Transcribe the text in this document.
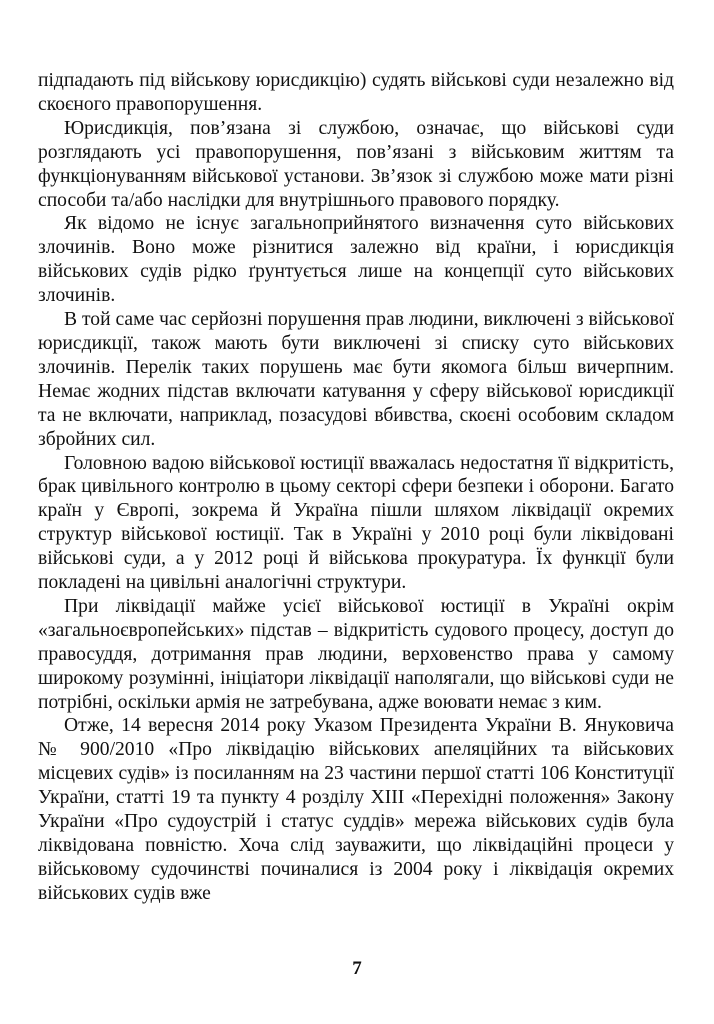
підпадають під військову юрисдикцію) судять військові суди незалежно від скоєного правопорушення.

Юрисдикція, пов’язана зі службою, означає, що військові суди розглядають усі правопорушення, пов’язані з військовим життям та функціонуванням військової установи. Зв’язок зі службою може мати різні способи та/або наслідки для внутрішнього правового порядку.

Як відомо не існує загальноприйнятого визначення суто військових злочинів. Воно може різнитися залежно від країни, і юрисдикція військових судів рідко ґрунтується лише на концепції суто військових злочинів.

В той саме час серйозні порушення прав людини, виключені з військової юрисдикції, також мають бути виключені зі списку суто військових злочинів. Перелік таких порушень має бути якомога більш вичерпним. Немає жодних підстав включати катування у сферу військової юрисдикції та не включати, наприклад, позасудові вбивства, скоєні особовим складом збройних сил.

Головною вадою військової юстиції вважалась недостатня її відкритість, брак цивільного контролю в цьому секторі сфери безпеки і оборони. Багато країн у Європі, зокрема й Україна пішли шляхом ліквідації окремих структур військової юстиції. Так в Україні у 2010 році були ліквідовані військові суди, а у 2012 році й військова прокуратура. Їх функції були покладені на цивільні аналогічні структури.

При ліквідації майже усієї військової юстиції в Україні окрім «загальноєвропейських» підстав – відкритість судового процесу, доступ до правосуддя, дотримання прав людини, верховенство права у самому широкому розумінні, ініціатори ліквідації наполягали, що військові суди не потрібні, оскільки армія не затребувана, адже воювати немає з ким.

Отже, 14 вересня 2014 року Указом Президента України В. Януковича № 900/2010 «Про ліквідацію військових апеляційних та військових місцевих судів» із посиланням на 23 частини першої статті 106 Конституції України, статті 19 та пункту 4 розділу XIII «Перехідні положення» Закону України «Про судоустрій і статус суддів» мережа військових судів була ліквідована повністю. Хоча слід зауважити, що ліквідаційні процеси у військовому судочинстві починалися із 2004 року і ліквідація окремих військових судів вже

7
